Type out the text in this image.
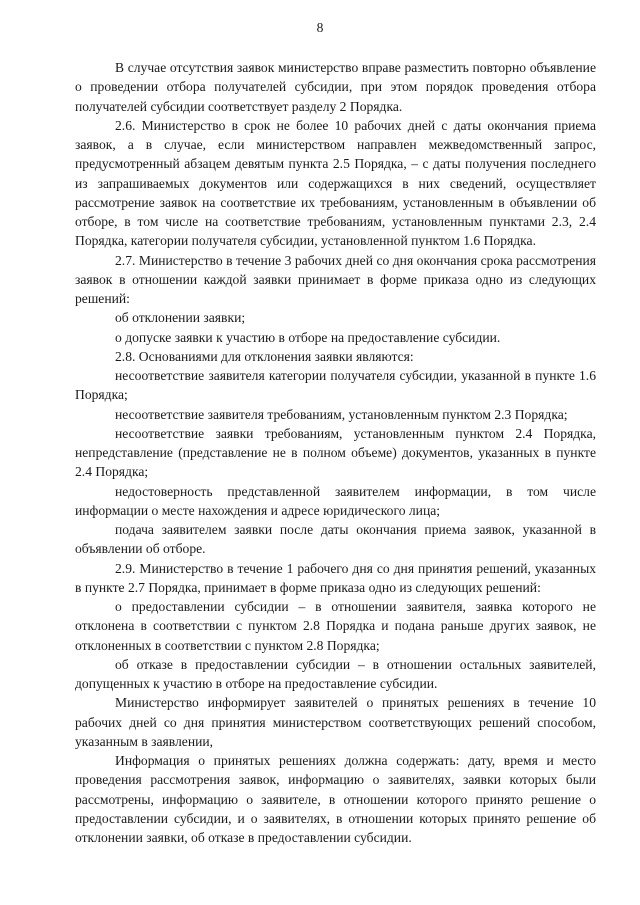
8

В случае отсутствия заявок министерство вправе разместить повторно объявление о проведении отбора получателей субсидии, при этом порядок проведения отбора получателей субсидии соответствует разделу 2 Порядка.

2.6. Министерство в срок не более 10 рабочих дней с даты окончания приема заявок, а в случае, если министерством направлен межведомственный запрос, предусмотренный абзацем девятым пункта 2.5 Порядка, – с даты получения последнего из запрашиваемых документов или содержащихся в них сведений, осуществляет рассмотрение заявок на соответствие их требованиям, установленным в объявлении об отборе, в том числе на соответствие требованиям, установленным пунктами 2.3, 2.4 Порядка, категории получателя субсидии, установленной пунктом 1.6 Порядка.

2.7. Министерство в течение 3 рабочих дней со дня окончания срока рассмотрения заявок в отношении каждой заявки принимает в форме приказа одно из следующих решений:

об отклонении заявки;

о допуске заявки к участию в отборе на предоставление субсидии.

2.8. Основаниями для отклонения заявки являются:

несоответствие заявителя категории получателя субсидии, указанной в пункте 1.6 Порядка;

несоответствие заявителя требованиям, установленным пунктом 2.3 Порядка;

несоответствие заявки требованиям, установленным пунктом 2.4 Порядка, непредставление (представление не в полном объеме) документов, указанных в пункте 2.4 Порядка;

недостоверность представленной заявителем информации, в том числе информации о месте нахождения и адресе юридического лица;

подача заявителем заявки после даты окончания приема заявок, указанной в объявлении об отборе.

2.9. Министерство в течение 1 рабочего дня со дня принятия решений, указанных в пункте 2.7 Порядка, принимает в форме приказа одно из следующих решений:

о предоставлении субсидии – в отношении заявителя, заявка которого не отклонена в соответствии с пунктом 2.8 Порядка и подана раньше других заявок, не отклоненных в соответствии с пунктом 2.8 Порядка;

об отказе в предоставлении субсидии – в отношении остальных заявителей, допущенных к участию в отборе на предоставление субсидии.

Министерство информирует заявителей о принятых решениях в течение 10 рабочих дней со дня принятия министерством соответствующих решений способом, указанным в заявлении,

Информация о принятых решениях должна содержать: дату, время и место проведения рассмотрения заявок, информацию о заявителях, заявки которых были рассмотрены, информацию о заявителе, в отношении которого принято решение о предоставлении субсидии, и о заявителях, в отношении которых принято решение об отклонении заявки, об отказе в предоставлении субсидии.
